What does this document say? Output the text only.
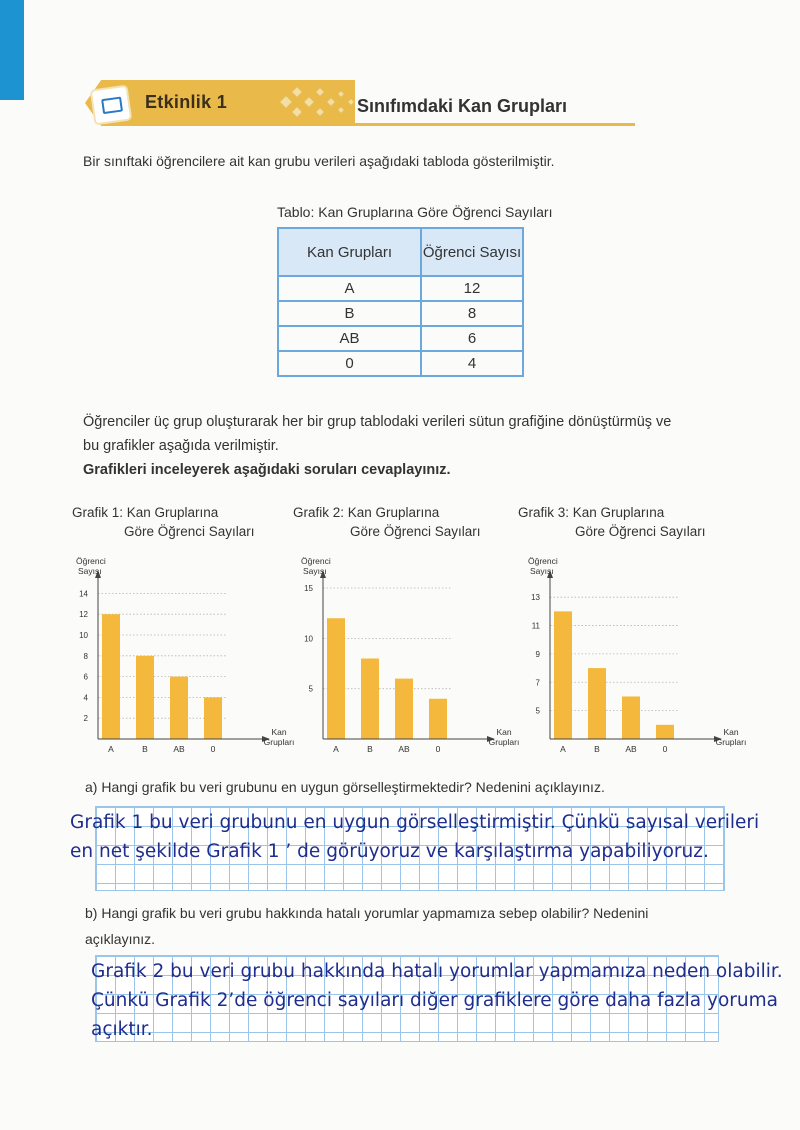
Etkinlik 1	Sınıfımdaki Kan Grupları
Bir sınıftaki öğrencilere ait kan grubu verileri aşağıdaki tabloda gösterilmiştir.
Tablo: Kan Gruplarına Göre Öğrenci Sayıları
Kan Grupları	Öğrenci Sayısı
A	12
B	8
AB	6
0	4
Öğrenciler üç grup oluşturarak her bir grup tablodaki verileri sütun grafiğine dönüştürmüş ve
bu grafikler aşağıda verilmiştir.
Grafikleri inceleyerek aşağıdaki soruları cevaplayınız.
Grafik 1: Kan Gruplarına
Göre Öğrenci Sayıları
Grafik 2: Kan Gruplarına
Göre Öğrenci Sayıları
Grafik 3: Kan Gruplarına
Göre Öğrenci Sayıları
2
4
6
8
10
12
14
A	B	AB	0
Öğrenci
Sayısı
Kan
Grupları
5
10
15
A	B	AB	0
Öğrenci
Sayısı
Kan
Grupları
5
7
9
11
13
A	B	AB	0
Öğrenci
Sayısı
Kan
Grupları
a) Hangi grafik bu veri grubunu en uygun görselleştirmektedir? Nedenini açıklayınız.
Grafik 1 bu veri grubunu en uygun görselleştirmiştir. Çünkü sayısal verileri
en net şekilde Grafik 1 ’ de görüyoruz ve karşılaştırma yapabiliyoruz.
b) Hangi grafik bu veri grubu hakkında hatalı yorumlar yapmamıza sebep olabilir? Nedenini
açıklayınız.
Grafik 2 bu veri grubu hakkında hatalı yorumlar yapmamıza neden olabilir.
Çünkü Grafik 2’de öğrenci sayıları diğer grafiklere göre daha fazla yoruma
açıktır.
